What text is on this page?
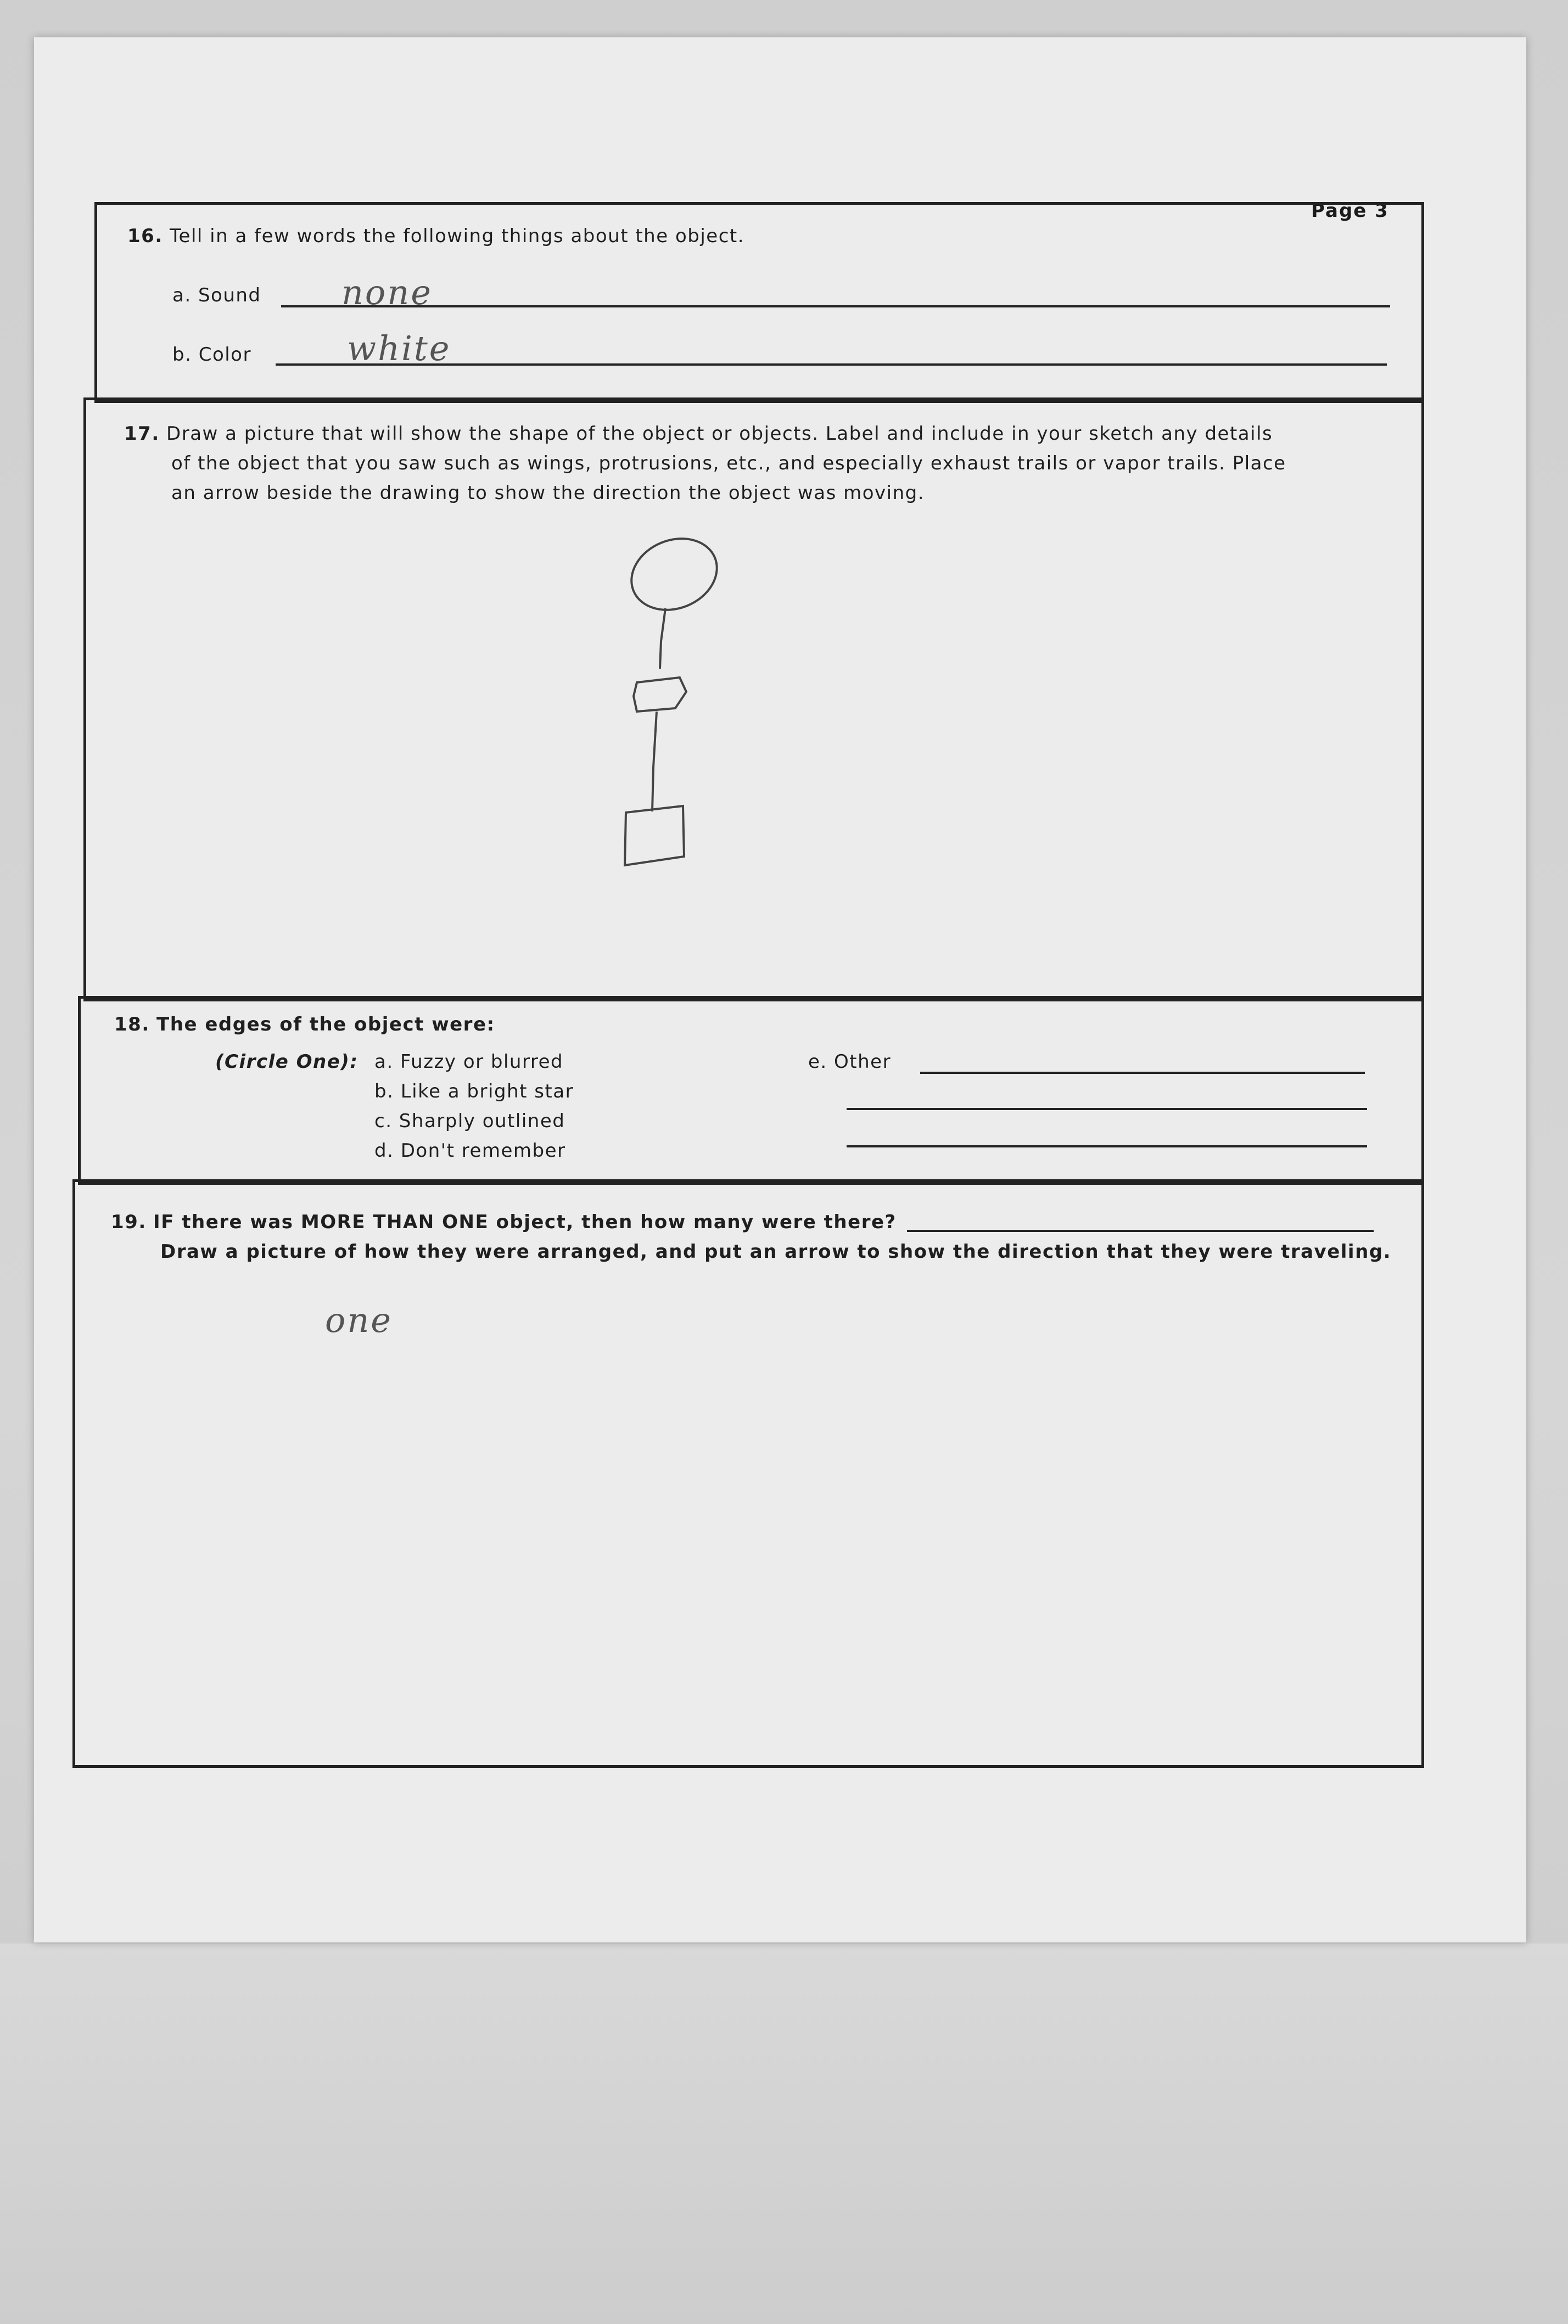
Page 3
16. Tell in a few words the following things about the object.
a. Sound none
b. Color	white
17. Draw a picture that will show the shape of the object or objects. Label and include in your sketch any details
of the object that you saw such as wings, protrusions, etc., and especially exhaust trails or vapor trails. Place
an arrow beside the drawing to show the direction the object was moving.
18. The edges of the object were:
(Circle One): a. Fuzzy or blurred
b. Like a bright star
c. Sharply outlined
d. Don't remember
e. Other
19. IF there was MORE THAN ONE object, then how many were there?
Draw a picture of how they were arranged, and put an arrow to show the direction that they were traveling.
one
